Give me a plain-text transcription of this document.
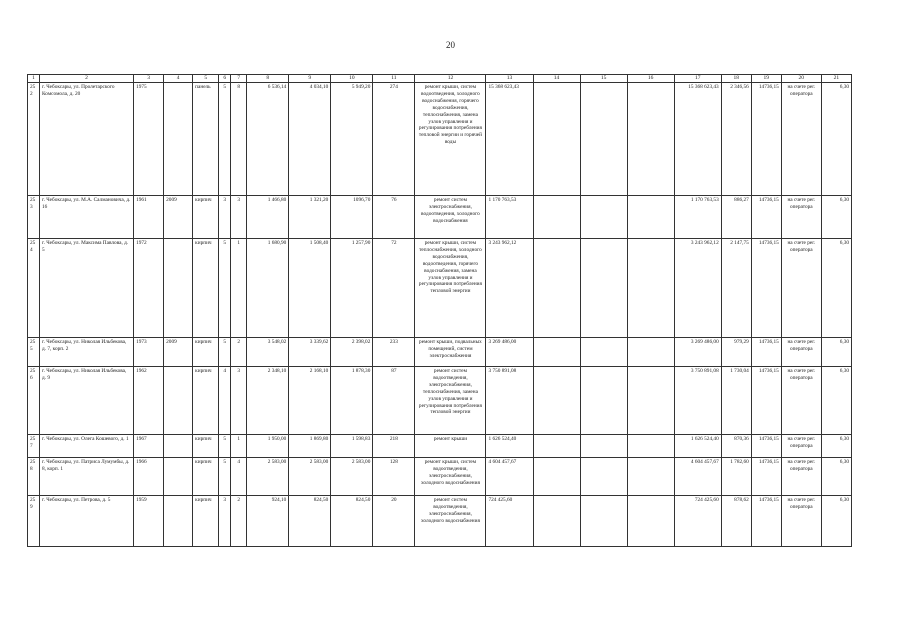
20
1	2	3	4	5	6	7	8	9	10	11	12	13	14	15	16	17	18	19	20	21
252	г. Чебоксары, ул. Пролетарского Комсомола, д. 20	1975		панель	5	8	6 536,14	4 034,10	5 949,20	274	ремонт крыши, систем водоотведения, холодного водоснабжения, горячего водоснабжения, теплоснабжения, замена узлов управления и регулирования потребления тепловой энергии и горячей воды	15 368 623,43				15 368 623,43	2 346,56	14736,15	на счете рег. оператора	6,30
253	г. Чебоксары, ул. М.А. Салмановича, д. 16	1961	2009	кирпич	3	3	1 466,80	1 321,20	1096,70	76	ремонт систем электроснабжения, водоотведения, холодного водоснабжения	1 170 763,53				1 170 763,53	886,27	14736,15	на счете рег. оператора	6,30
254	г. Чебоксары, ул. Максима Павлова, д. 5	1972		кирпич	5	1	1 680,90	1 508,40	1 257,90	72	ремонт крыши, систем теплоснабжения, холодного водоснабжения, водоотведения, горячего водоснабжения, замена узлов управления и регулирования потребления тепловой энергии	3 243 962,12				3 243 962,12	2 147,75	14736,15	на счете рег. оператора	6,30
255	г. Чебоксары, ул. Николая Ильбекова, д. 7, корп. 2	1973	2009	кирпич	5	2	3 548,02	3 339,62	2 398,02	233	ремонт крыши, подвальных помещений, систем электроснабжения	3 269 486,00				3 269 486,00	979,29	14736,15	на счете рег. оператора	6,30
256	г. Чебоксары, ул. Николая Ильбекова, д. 9	1962		кирпич	4	3	2 348,10	2 168,10	1 878,30	87	ремонт систем водоотведения, электроснабжения, теплоснабжения, замена узлов управления и регулирования потребления тепловой энергии	3 750 891,08				3 750 891,08	1 730,04	14736,15	на счете рег. оператора	6,30
257	г. Чебоксары, ул. Олега Кошевого, д. 1	1967		кирпич	5	1	1 950,00	1 869,80	1 598,83	218	ремонт крыши	1 626 524,40				1 626 524,40	870,36	14736,15	на счете рег. оператора	6,30
258	г. Чебоксары, ул. Патриса Лумумбы, д. 8, корп. 1	1966		кирпич	5	4	2 583,00	2 583,00	2 583,00	128	ремонт крыши, систем водоотведения, электроснабжения, холодного водоснабжения	4 604 457,67				4 604 457,67	1 782,60	14736,15	на счете рег. оператора	6,30
259	г. Чебоксары, ул. Петрова, д. 5	1959		кирпич	3	2	924,10	824,50	824,50	20	ремонт систем водоотведения, электроснабжения, холодного водоснабжения	724 425,60				724 425,60	878,62	14736,15	на счете рег. оператора	6,30
